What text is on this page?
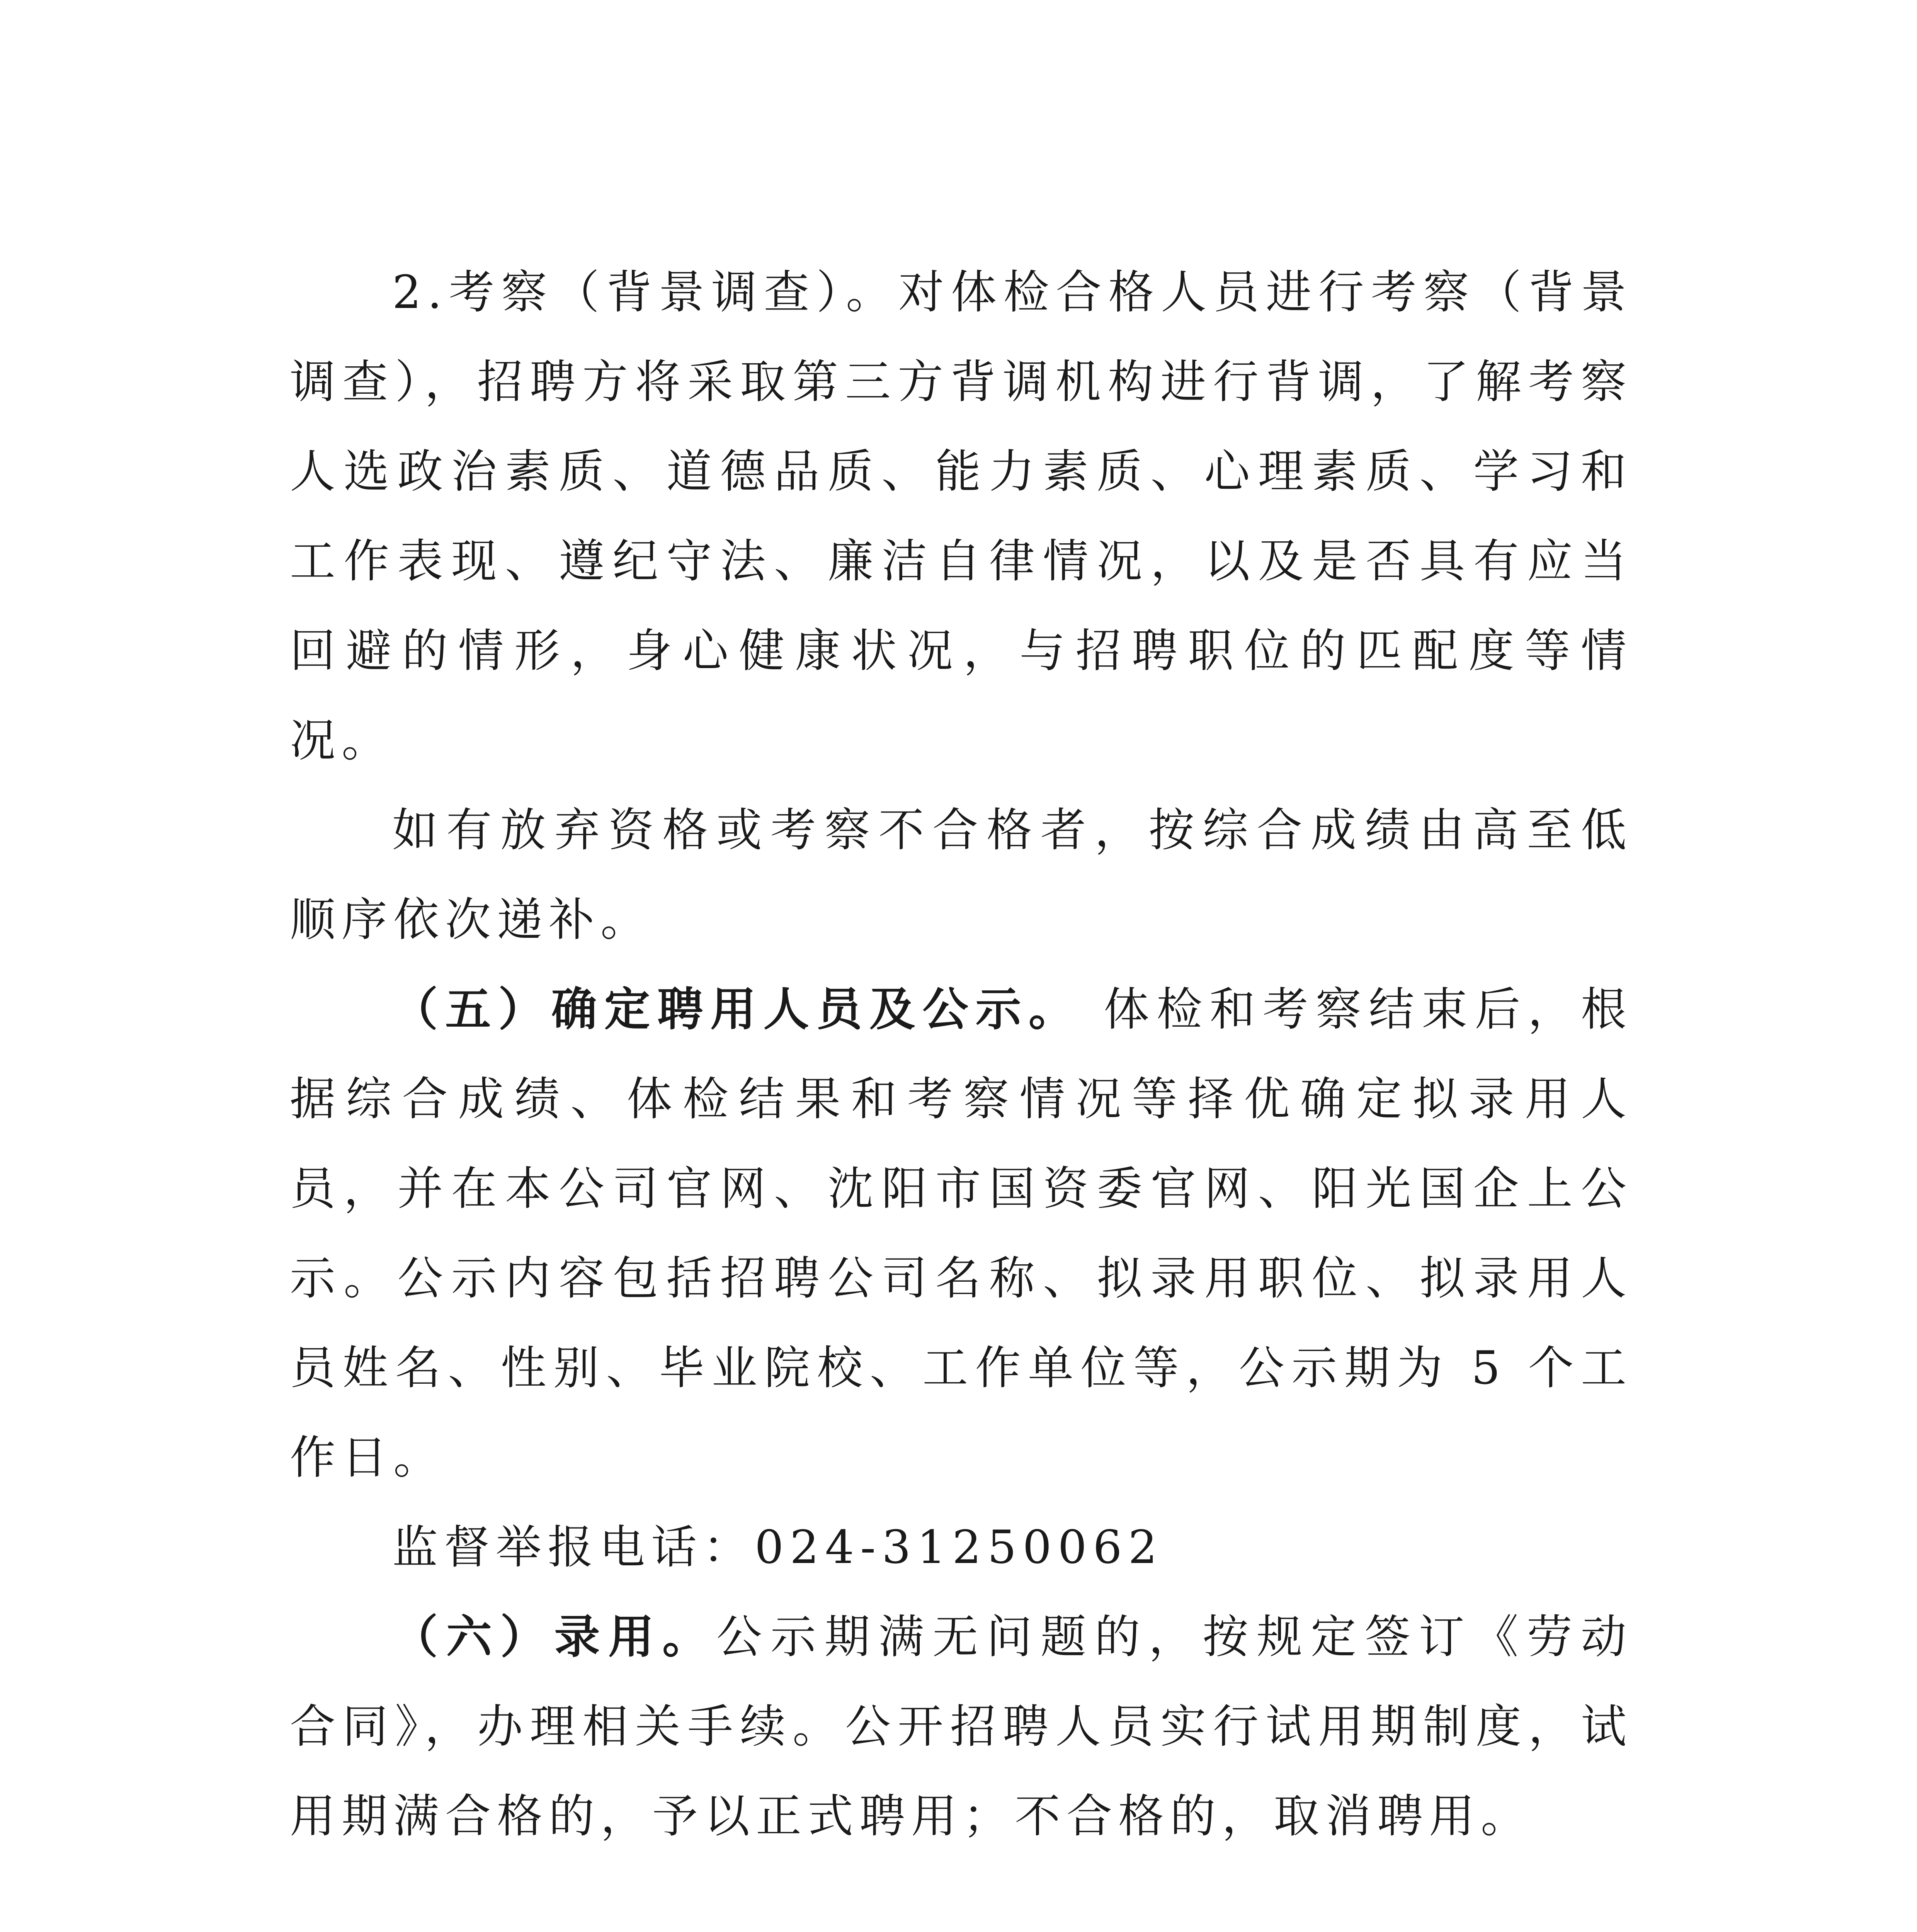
2.考察（背景调查）。对体检合格人员进行考察（背景调查），招聘方将采取第三方背调机构进行背调，了解考察人选政治素质、道德品质、能力素质、心理素质、学习和工作表现、遵纪守法、廉洁自律情况，以及是否具有应当回避的情形，身心健康状况，与招聘职位的匹配度等情况。

如有放弃资格或考察不合格者，按综合成绩由高至低顺序依次递补。

（五）确定聘用人员及公示。 体检和考察结束后，根据综合成绩、体检结果和考察情况等择优确定拟录用人员，并在本公司官网、沈阳市国资委官网、阳光国企上公示。公示内容包括招聘公司名称、拟录用职位、拟录用人员姓名、性别、毕业院校、工作单位等，公示期为 5 个工作日。

监督举报电话：024-31250062

（六）录用。公示期满无问题的，按规定签订《劳动合同》，办理相关手续。公开招聘人员实行试用期制度，试用期满合格的，予以正式聘用；不合格的，取消聘用。
